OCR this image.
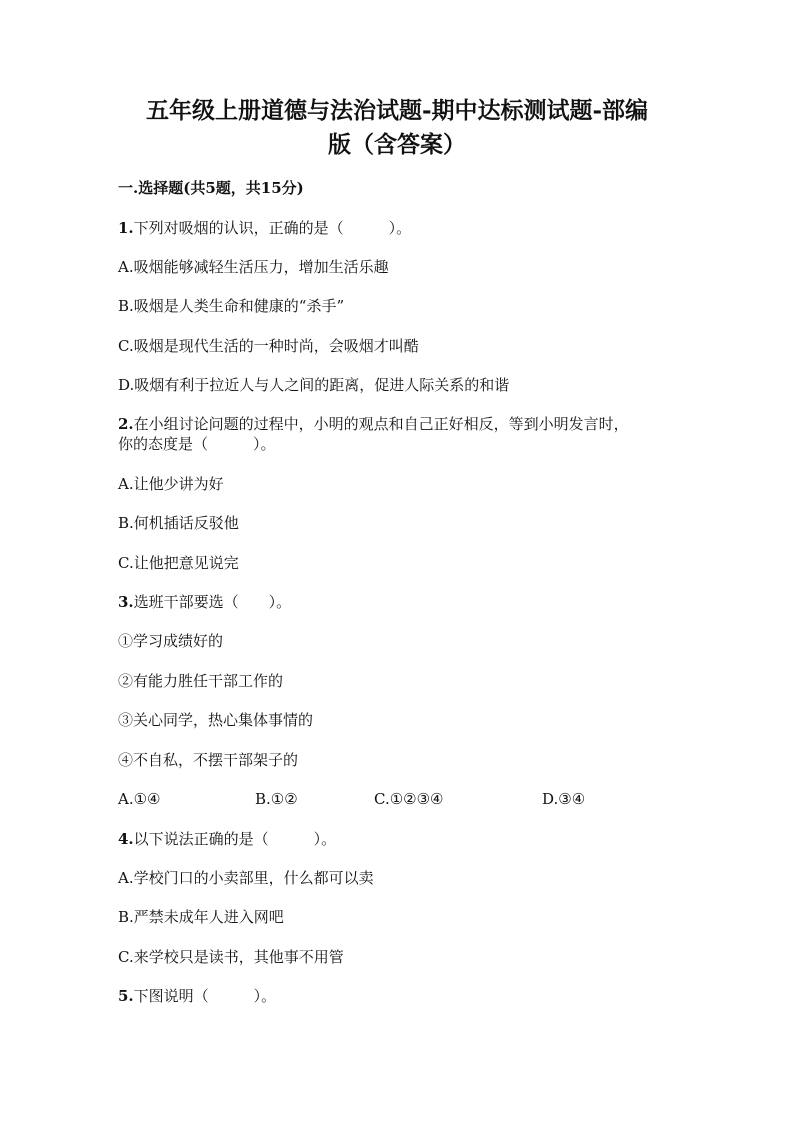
五年级上册道德与法治试题-期中达标测试题-部编
版（含答案）
一.选择题(共5题，共15分)
1.下列对吸烟的认识，正确的是（　　　）。
A.吸烟能够减轻生活压力，增加生活乐趣
B.吸烟是人类生命和健康的“杀手”
C.吸烟是现代生活的一种时尚，会吸烟才叫酷
D.吸烟有利于拉近人与人之间的距离，促进人际关系的和谐
2.在小组讨论问题的过程中，小明的观点和自己正好相反，等到小明发言时，
你的态度是（　　　）。
A.让他少讲为好
B.何机插话反驳他
C.让他把意见说完
3.选班干部要选（　　）。
①学习成绩好的
②有能力胜任干部工作的
③关心同学，热心集体事情的
④不自私，不摆干部架子的
A.①④	B.①②	C.①②③④	D.③④
4.以下说法正确的是（　　　）。
A.学校门口的小卖部里，什么都可以卖
B.严禁未成年人进入网吧
C.来学校只是读书，其他事不用管
5.下图说明（　　　）。
